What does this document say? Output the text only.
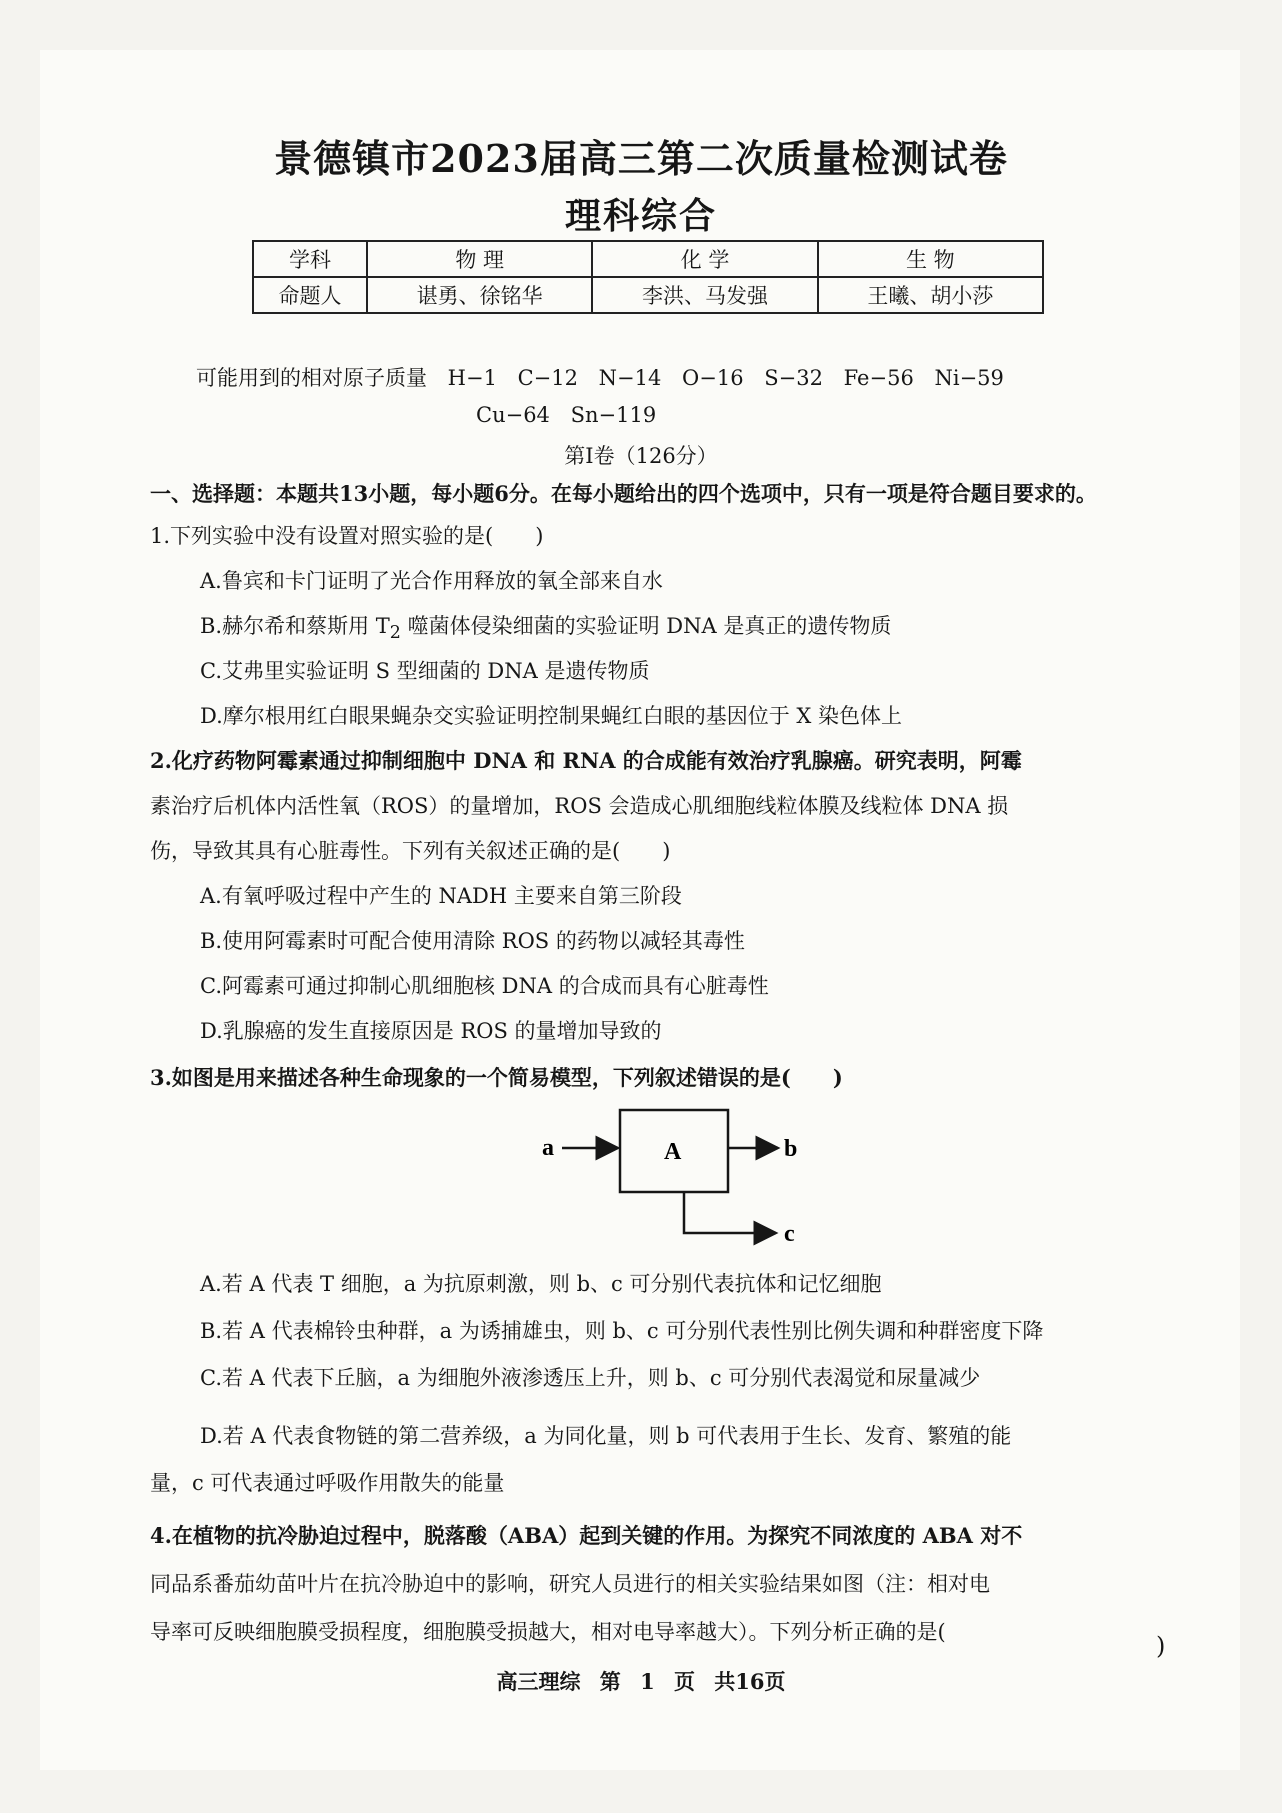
景德镇市2023届高三第二次质量检测试卷
理科综合
学科	物 理	化 学	生 物
命题人	谌勇、徐铭华	李洪、马发强	王曦、胡小莎
可能用到的相对原子质量 H−1 C−12 N−14 O−16 S−32 Fe−56 Ni−59
Cu−64 Sn−119
第Ⅰ卷（126分）
一、选择题：本题共13小题，每小题6分。在每小题给出的四个选项中，只有一项是符合题目要求的。
1.下列实验中没有设置对照实验的是(　　)
A.鲁宾和卡门证明了光合作用释放的氧全部来自水
B.赫尔希和蔡斯用 $T_2$ 噬菌体侵染细菌的实验证明 DNA 是真正的遗传物质
C.艾弗里实验证明 S 型细菌的 DNA 是遗传物质
D.摩尔根用红白眼果蝇杂交实验证明控制果蝇红白眼的基因位于 X 染色体上
2.化疗药物阿霉素通过抑制细胞中 DNA 和 RNA 的合成能有效治疗乳腺癌。研究表明，阿霉
素治疗后机体内活性氧（ROS）的量增加，ROS 会造成心肌细胞线粒体膜及线粒体 DNA 损
伤，导致其具有心脏毒性。下列有关叙述正确的是(　　)
A.有氧呼吸过程中产生的 NADH 主要来自第三阶段
B.使用阿霉素时可配合使用清除 ROS 的药物以减轻其毒性
C.阿霉素可通过抑制心肌细胞核 DNA 的合成而具有心脏毒性
D.乳腺癌的发生直接原因是 ROS 的量增加导致的
3.如图是用来描述各种生命现象的一个简易模型，下列叙述错误的是(　　)
a	A	b
c
A.若 A 代表 T 细胞，a 为抗原刺激，则 b、c 可分别代表抗体和记忆细胞
B.若 A 代表棉铃虫种群，a 为诱捕雄虫，则 b、c 可分别代表性别比例失调和种群密度下降
C.若 A 代表下丘脑，a 为细胞外液渗透压上升，则 b、c 可分别代表渴觉和尿量减少
D.若 A 代表食物链的第二营养级，a 为同化量，则 b 可代表用于生长、发育、繁殖的能
量，c 可代表通过呼吸作用散失的能量
4.在植物的抗冷胁迫过程中，脱落酸（ABA）起到关键的作用。为探究不同浓度的 ABA 对不
同品系番茄幼苗叶片在抗冷胁迫中的影响，研究人员进行的相关实验结果如图（注：相对电
导率可反映细胞膜受损程度，细胞膜受损越大，相对电导率越大）。下列分析正确的是(	)
高三理综 第 1 页 共16页
